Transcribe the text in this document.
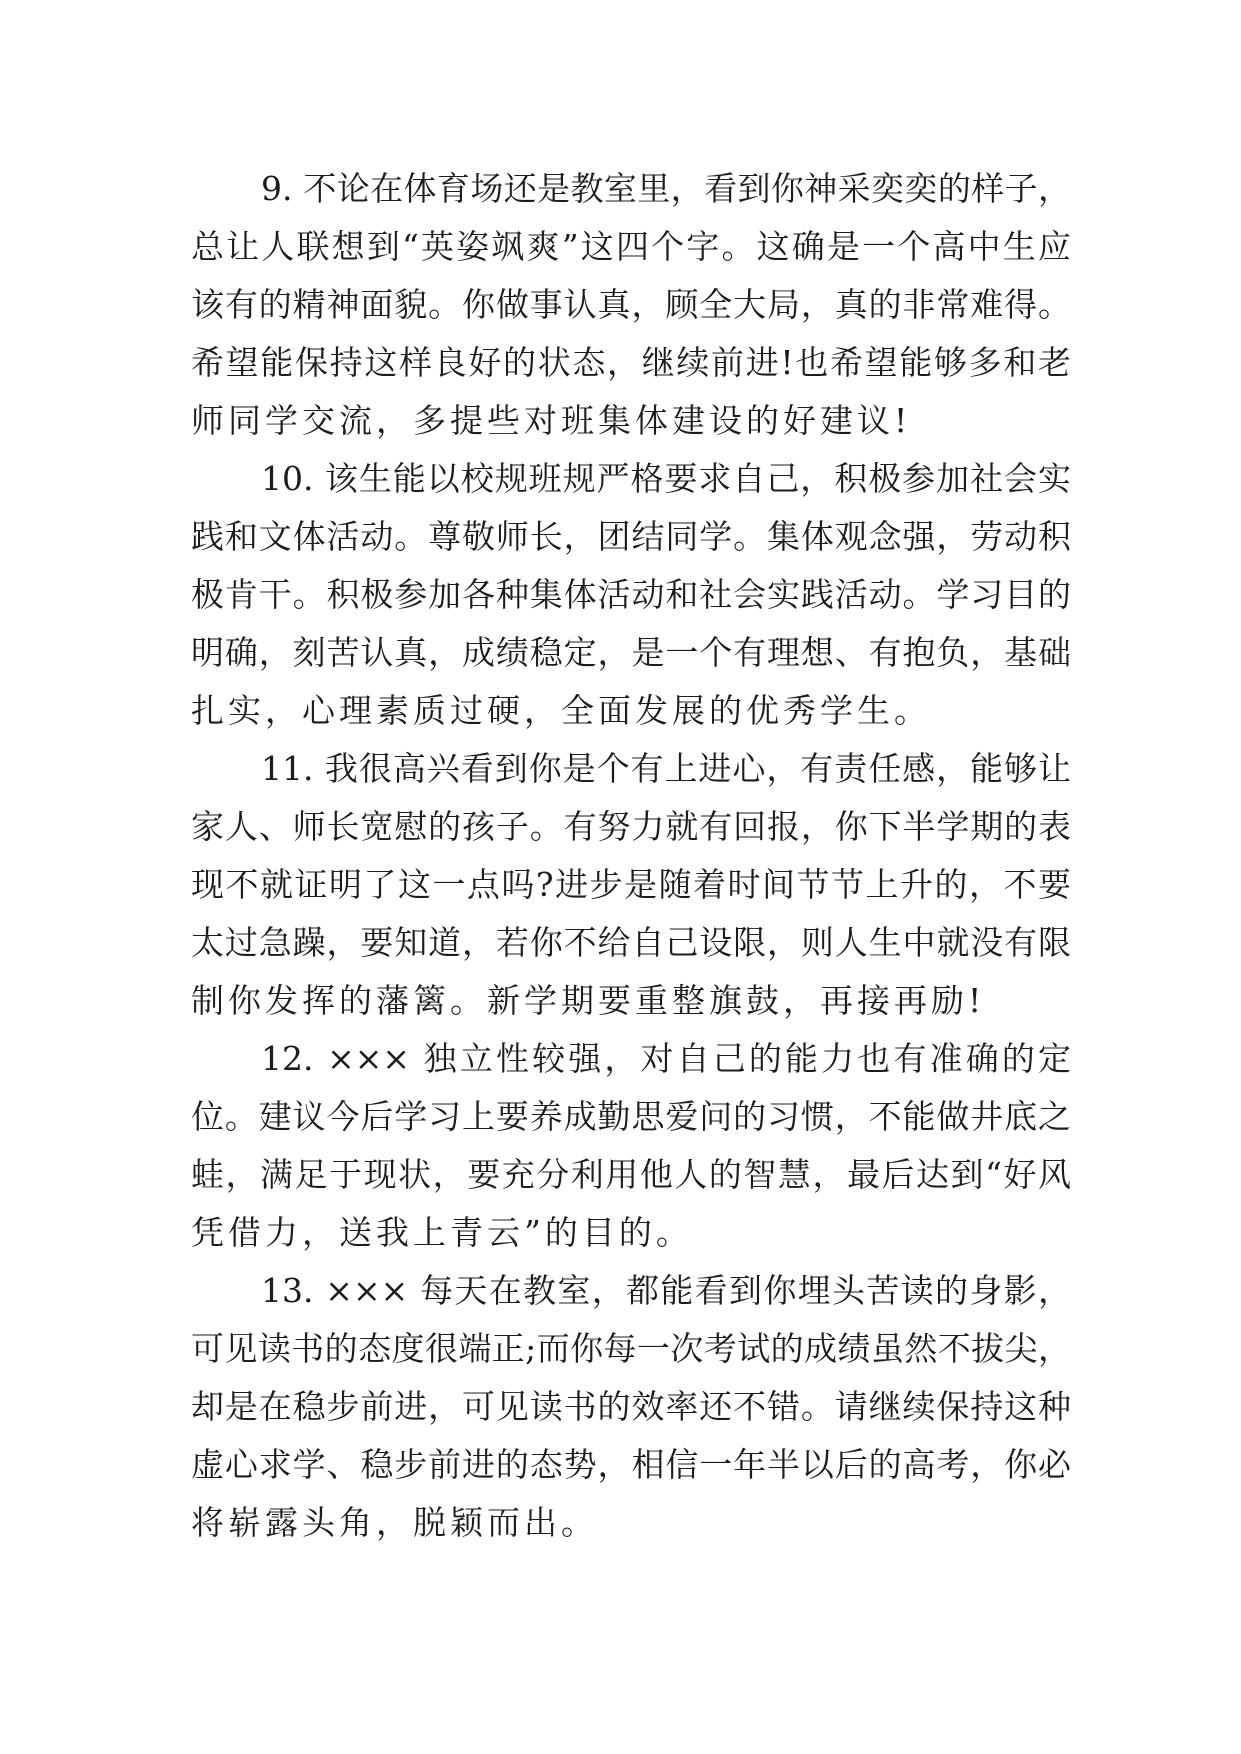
9. 不论在体育场还是教室里，看到你神采奕奕的样子，
总让人联想到“英姿飒爽”这四个字。这确是一个高中生应
该有的精神面貌。你做事认真，顾全大局，真的非常难得。
希望能保持这样良好的状态，继续前进!也希望能够多和老
师同学交流，多提些对班集体建设的好建议!
10. 该生能以校规班规严格要求自己，积极参加社会实
践和文体活动。尊敬师长，团结同学。集体观念强，劳动积
极肯干。积极参加各种集体活动和社会实践活动。学习目的
明确，刻苦认真，成绩稳定，是一个有理想、有抱负，基础
扎实，心理素质过硬，全面发展的优秀学生。
11. 我很高兴看到你是个有上进心，有责任感，能够让
家人、师长宽慰的孩子。有努力就有回报，你下半学期的表
现不就证明了这一点吗?进步是随着时间节节上升的，不要
太过急躁，要知道，若你不给自己设限，则人生中就没有限
制你发挥的藩篱。新学期要重整旗鼓，再接再励!
12. ××× 独立性较强，对自己的能力也有准确的定
位。建议今后学习上要养成勤思爱问的习惯，不能做井底之
蛙，满足于现状，要充分利用他人的智慧，最后达到“好风
凭借力，送我上青云”的目的。
13. ××× 每天在教室，都能看到你埋头苦读的身影，
可见读书的态度很端正;而你每一次考试的成绩虽然不拔尖，
却是在稳步前进，可见读书的效率还不错。请继续保持这种
虚心求学、稳步前进的态势，相信一年半以后的高考，你必
将崭露头角，脱颖而出。
